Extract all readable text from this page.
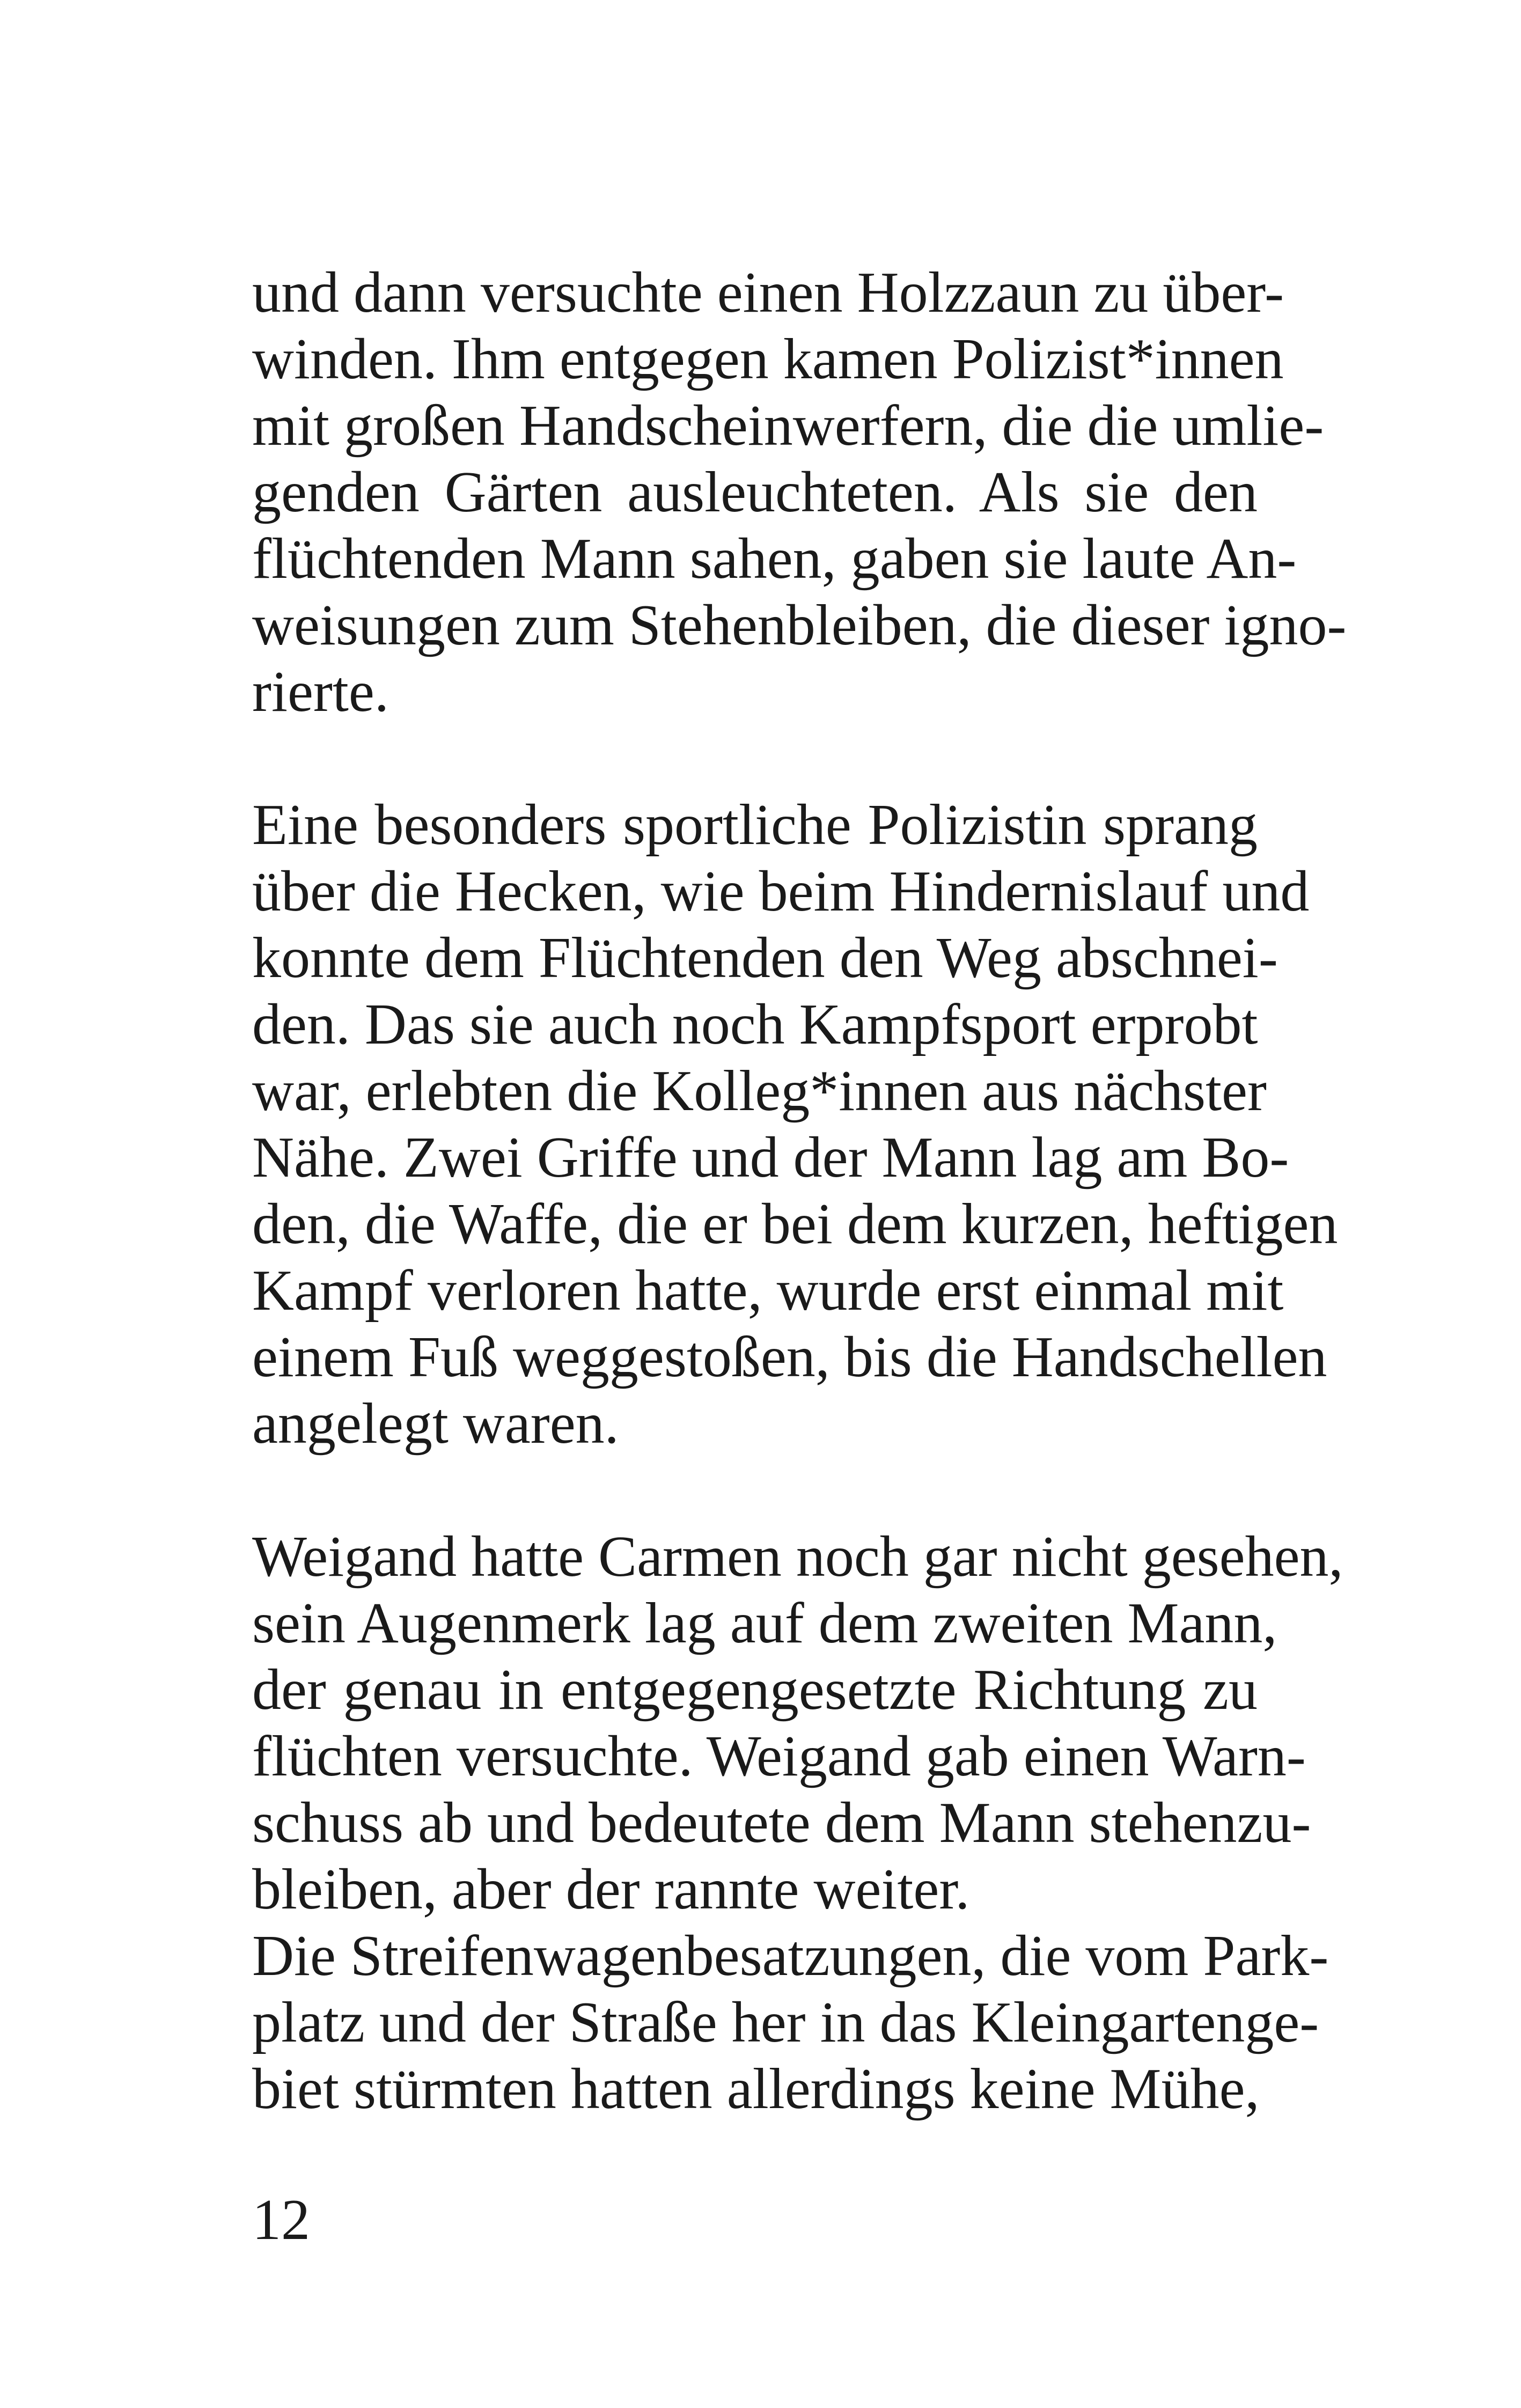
und dann versuchte einen Holzzaun zu über-
winden. Ihm entgegen kamen Polizist*innen
mit großen Handscheinwerfern, die die umlie-
genden Gärten ausleuchteten. Als sie den
flüchtenden Mann sahen, gaben sie laute An-
weisungen zum Stehenbleiben, die dieser igno-
rierte.
Eine besonders sportliche Polizistin sprang
über die Hecken, wie beim Hindernislauf und
konnte dem Flüchtenden den Weg abschnei-
den. Das sie auch noch Kampfsport erprobt
war, erlebten die Kolleg*innen aus nächster
Nähe. Zwei Griffe und der Mann lag am Bo-
den, die Waffe, die er bei dem kurzen, heftigen
Kampf verloren hatte, wurde erst einmal mit
einem Fuß weggestoßen, bis die Handschellen
angelegt waren.
Weigand hatte Carmen noch gar nicht gesehen,
sein Augenmerk lag auf dem zweiten Mann,
der genau in entgegengesetzte Richtung zu
flüchten versuchte. Weigand gab einen Warn-
schuss ab und bedeutete dem Mann stehenzu-
bleiben, aber der rannte weiter.
Die Streifenwagenbesatzungen, die vom Park-
platz und der Straße her in das Kleingartenge-
biet stürmten hatten allerdings keine Mühe,
12
